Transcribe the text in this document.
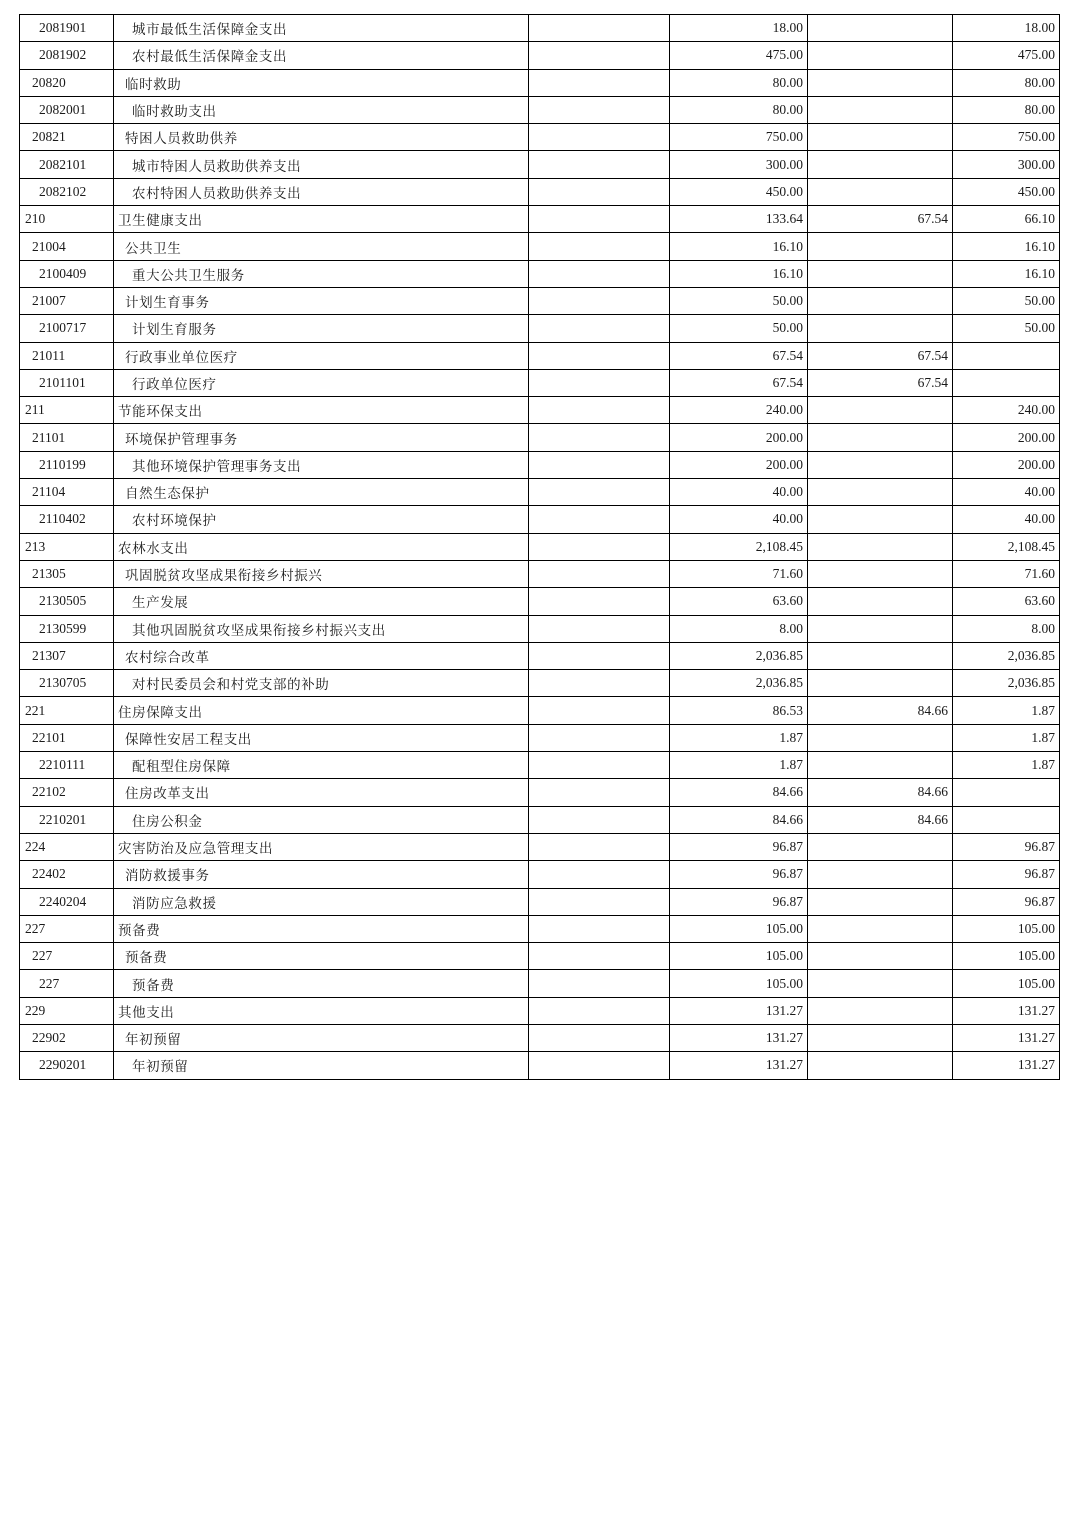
2081901	城市最低生活保障金支出		18.00		18.00
2081902	农村最低生活保障金支出		475.00		475.00
20820	临时救助		80.00		80.00
2082001	临时救助支出		80.00		80.00
20821	特困人员救助供养		750.00		750.00
2082101	城市特困人员救助供养支出		300.00		300.00
2082102	农村特困人员救助供养支出		450.00		450.00
210	卫生健康支出		133.64	67.54	66.10
21004	公共卫生		16.10		16.10
2100409	重大公共卫生服务		16.10		16.10
21007	计划生育事务		50.00		50.00
2100717	计划生育服务		50.00		50.00
21011	行政事业单位医疗		67.54	67.54	
2101101	行政单位医疗		67.54	67.54	
211	节能环保支出		240.00		240.00
21101	环境保护管理事务		200.00		200.00
2110199	其他环境保护管理事务支出		200.00		200.00
21104	自然生态保护		40.00		40.00
2110402	农村环境保护		40.00		40.00
213	农林水支出		2,108.45		2,108.45
21305	巩固脱贫攻坚成果衔接乡村振兴		71.60		71.60
2130505	生产发展		63.60		63.60
2130599	其他巩固脱贫攻坚成果衔接乡村振兴支出		8.00		8.00
21307	农村综合改革		2,036.85		2,036.85
2130705	对村民委员会和村党支部的补助		2,036.85		2,036.85
221	住房保障支出		86.53	84.66	1.87
22101	保障性安居工程支出		1.87		1.87
2210111	配租型住房保障		1.87		1.87
22102	住房改革支出		84.66	84.66	
2210201	住房公积金		84.66	84.66	
224	灾害防治及应急管理支出		96.87		96.87
22402	消防救援事务		96.87		96.87
2240204	消防应急救援		96.87		96.87
227	预备费		105.00		105.00
227	预备费		105.00		105.00
227	预备费		105.00		105.00
229	其他支出		131.27		131.27
22902	年初预留		131.27		131.27
2290201	年初预留		131.27		131.27
